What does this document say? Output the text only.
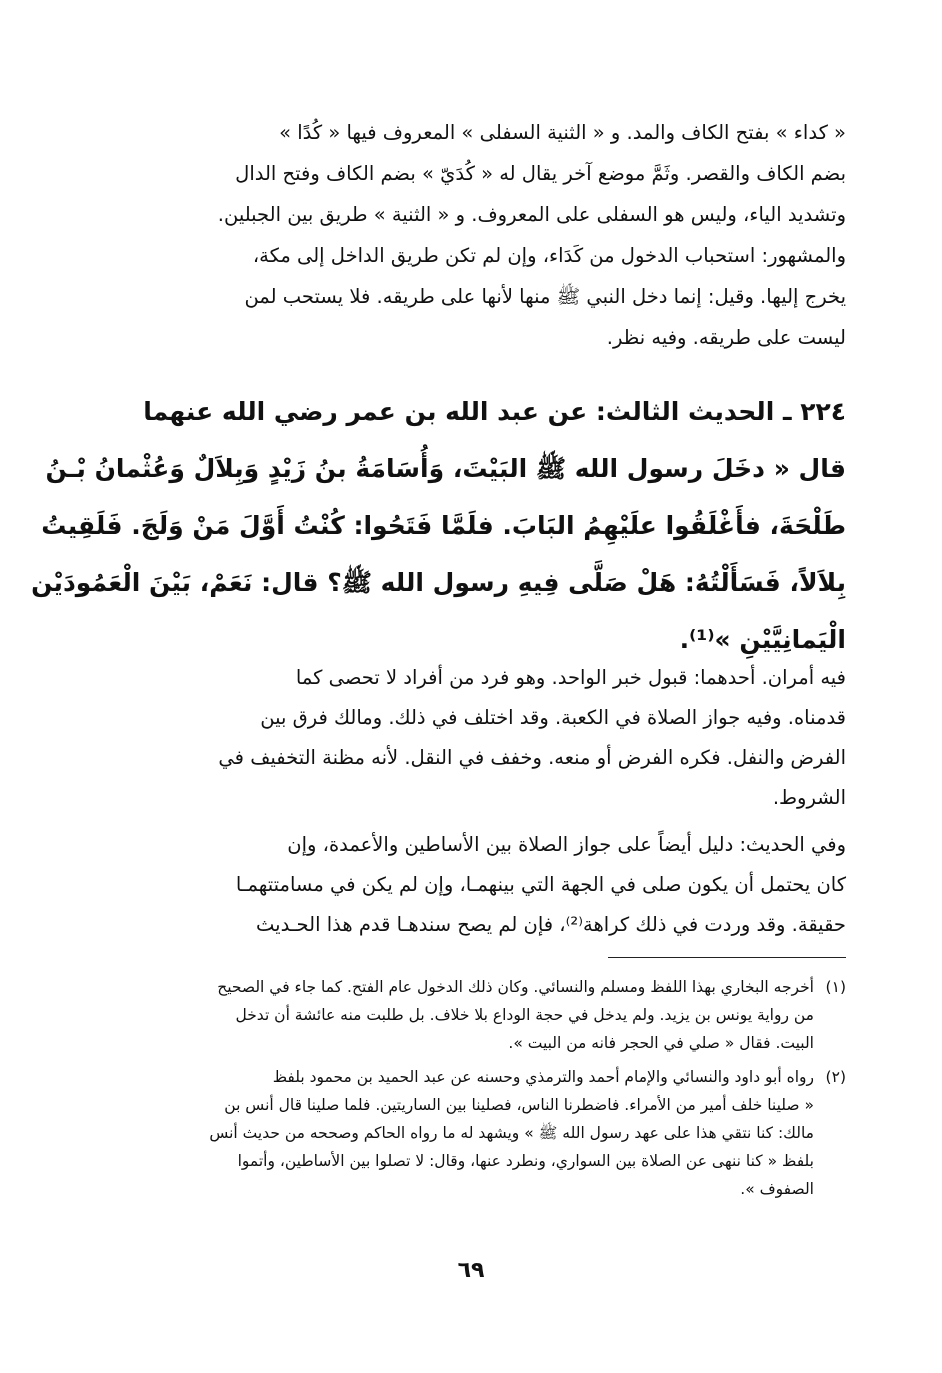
« كداء » بفتح الكاف والمد. و « الثنية السفلى » المعروف فيها « كُدًا »
بضم الكاف والقصر. وثَمَّ موضع آخر يقال له « كُدَيّ » بضم الكاف وفتح الدال
وتشديد الياء، وليس هو السفلى على المعروف. و « الثنية » طريق بين الجبلين.
والمشهور: استحباب الدخول من كَدَاء، وإن لم تكن طريق الداخل إلى مكة،
يخرج إليها. وقيل: إنما دخل النبي ﷺ منها لأنها على طريقه. فلا يستحب لمن
ليست على طريقه. وفيه نظر.
٢٢٤ ـ الحديث الثالث: عن عبد الله بن عمر رضي الله عنهما
قال « دخَلَ رسول الله ﷺ البَيْتَ، وَأُسَامَةُ بنُ زَيْدٍ وَبِلاَلٌ وَعُثْمانُ بْـنُ
طَلْحَةَ، فأَغْلَقُوا علَيْهِمُ البَابَ. فلَمَّا فَتَحُوا: كُنْتُ أَوَّلَ مَنْ وَلَجَ. فَلَقِيتُ
بِلاَلاً، فَسَأَلْتُهُ: هَلْ صَلَّى فِيهِ رسول الله ﷺ؟ قال: نَعَمْ، بَيْنَ الْعَمُودَيْن
الْيَمانِيَّيْنِ »⁽¹⁾.
فيه أمران. أحدهما: قبول خبر الواحد. وهو فرد من أفراد لا تحصى كما
قدمناه. وفيه جواز الصلاة في الكعبة. وقد اختلف في ذلك. ومالك فرق بين
الفرض والنفل. فكره الفرض أو منعه. وخفف في النقل. لأنه مظنة التخفيف في
الشروط.
وفي الحديث: دليل أيضاً على جواز الصلاة بين الأساطين والأعمدة، وإن
كان يحتمل أن يكون صلى في الجهة التي بينهمـا، وإن لم يكن في مسامتتهمـا
حقيقة. وقد وردت في ذلك كراهة⁽²⁾، فإن لم يصح سندهـا قدم هذا الحـديث
(١)
أخرجه البخاري بهذا اللفظ ومسلم والنسائي. وكان ذلك الدخول عام الفتح. كما جاء في الصحيح
من رواية يونس بن يزيد. ولم يدخل في حجة الوداع بلا خلاف. بل طلبت منه عائشة أن تدخل
البيت. فقال « صلي في الحجر فانه من البيت ».
(٢)
رواه أبو داود والنسائي والإمام أحمد والترمذي وحسنه عن عبد الحميد بن محمود بلفظ
« صلينا خلف أمير من الأمراء. فاضطرنا الناس، فصلينا بين الساريتين. فلما صلينا قال أنس بن
مالك: كنا نتقي هذا على عهد رسول الله ﷺ » ويشهد له ما رواه الحاكم وصححه من حديث أنس
بلفظ « كنا ننهى عن الصلاة بين السواري، ونطرد عنها، وقال: لا تصلوا بين الأساطين، وأتموا
الصفوف ».
٦٩
